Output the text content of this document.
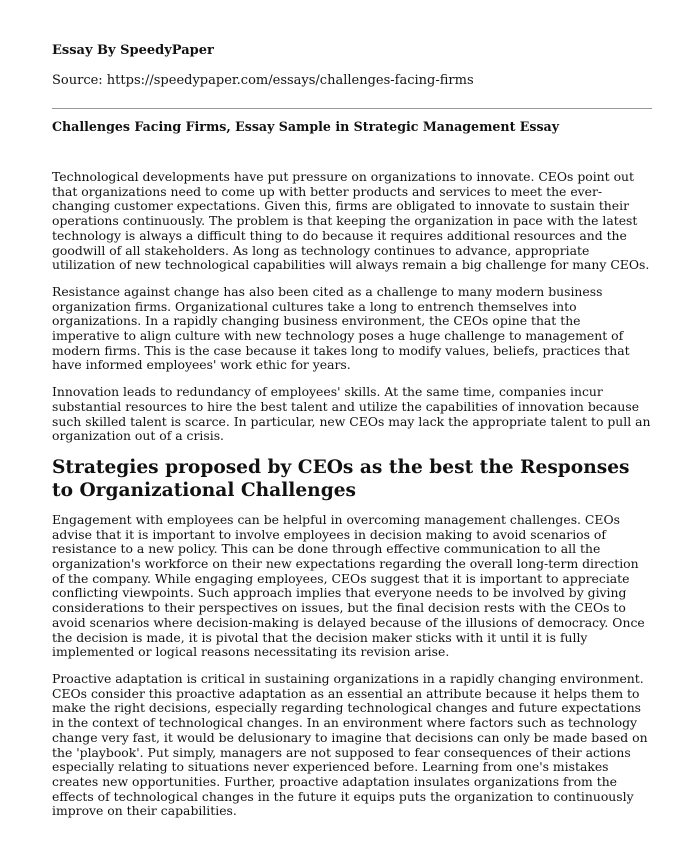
Essay By SpeedyPaper

Source: https://speedypaper.com/essays/challenges-facing-firms

Challenges Facing Firms, Essay Sample in Strategic Management Essay

Technological developments have put pressure on organizations to innovate. CEOs point out that organizations need to come up with better products and services to meet the ever-changing customer expectations. Given this, firms are obligated to innovate to sustain their operations continuously. The problem is that keeping the organization in pace with the latest technology is always a difficult thing to do because it requires additional resources and the goodwill of all stakeholders. As long as technology continues to advance, appropriate utilization of new technological capabilities will always remain a big challenge for many CEOs.

Resistance against change has also been cited as a challenge to many modern business organization firms. Organizational cultures take a long to entrench themselves into organizations. In a rapidly changing business environment, the CEOs opine that the imperative to align culture with new technology poses a huge challenge to management of modern firms. This is the case because it takes long to modify values, beliefs, practices that have informed employees' work ethic for years.

Innovation leads to redundancy of employees' skills. At the same time, companies incur substantial resources to hire the best talent and utilize the capabilities of innovation because such skilled talent is scarce. In particular, new CEOs may lack the appropriate talent to pull an organization out of a crisis.

Strategies proposed by CEOs as the best the Responses to Organizational Challenges

Engagement with employees can be helpful in overcoming management challenges. CEOs advise that it is important to involve employees in decision making to avoid scenarios of resistance to a new policy. This can be done through effective communication to all the organization's workforce on their new expectations regarding the overall long-term direction of the company. While engaging employees, CEOs suggest that it is important to appreciate conflicting viewpoints. Such approach implies that everyone needs to be involved by giving considerations to their perspectives on issues, but the final decision rests with the CEOs to avoid scenarios where decision-making is delayed because of the illusions of democracy. Once the decision is made, it is pivotal that the decision maker sticks with it until it is fully implemented or logical reasons necessitating its revision arise.

Proactive adaptation is critical in sustaining organizations in a rapidly changing environment. CEOs consider this proactive adaptation as an essential an attribute because it helps them to make the right decisions, especially regarding technological changes and future expectations in the context of technological changes. In an environment where factors such as technology change very fast, it would be delusionary to imagine that decisions can only be made based on the 'playbook'. Put simply, managers are not supposed to fear consequences of their actions especially relating to situations never experienced before. Learning from one's mistakes creates new opportunities. Further, proactive adaptation insulates organizations from the effects of technological changes in the future it equips puts the organization to continuously improve on their capabilities.
